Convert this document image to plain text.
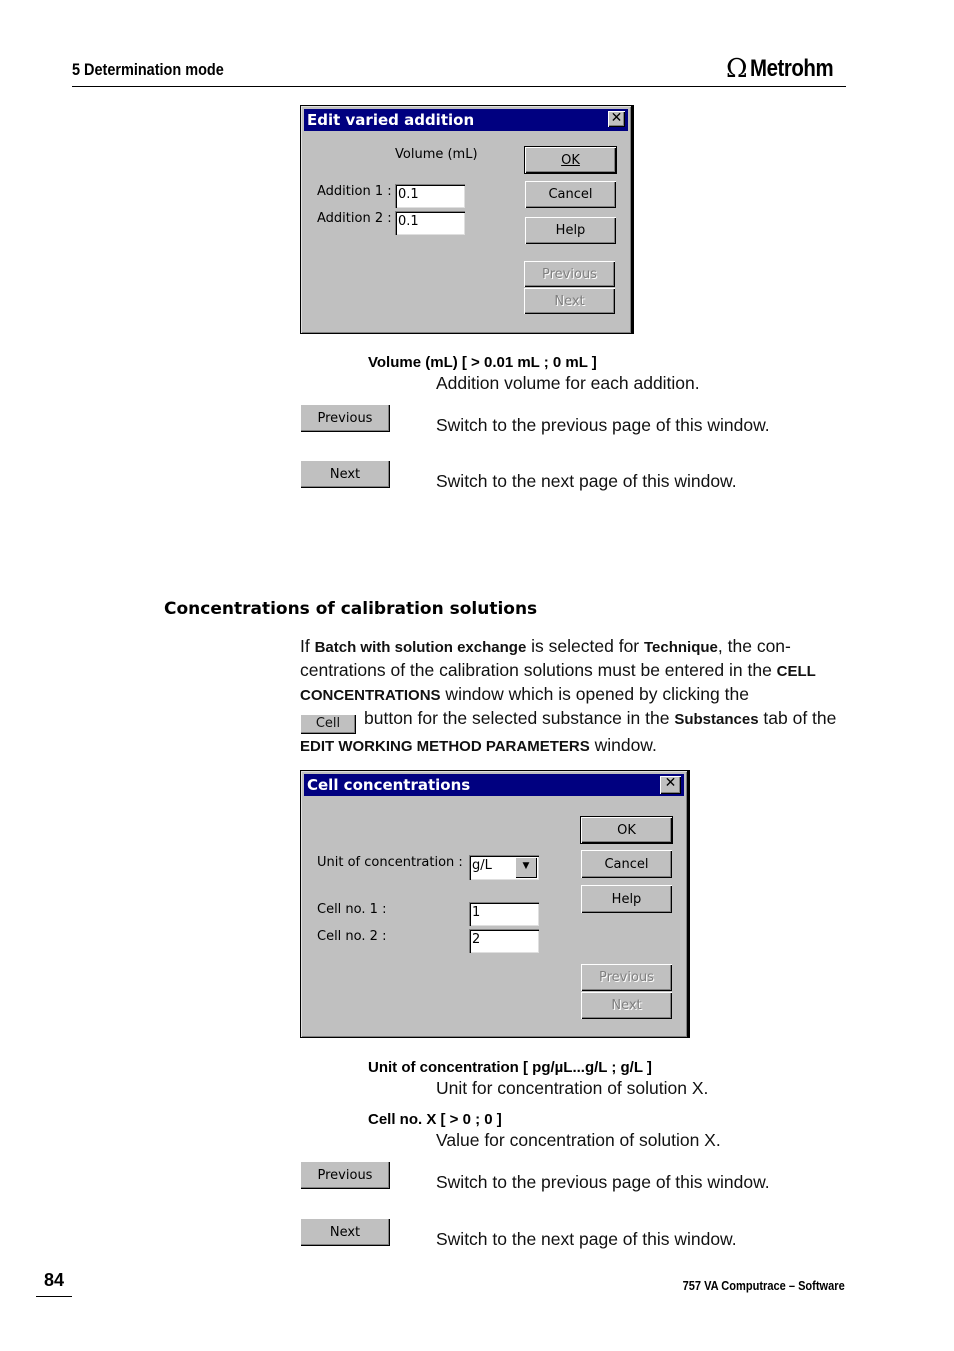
5 Determination mode	Ω Metrohm
Edit varied addition	✕
Volume (mL)
Addition 1 : 0.1
Addition 2 : 0.1
OK
Cancel
Help
Previous
Next
Volume (mL) [ > 0.01 mL ; 0 mL ]
Addition volume for each addition.
Previous	Switch to the previous page of this window.
Next	Switch to the next page of this window.
Concentrations of calibration solutions
If Batch with solution exchange is selected for Technique, the con-centrations of the calibration solutions must be entered in the CELL CONCENTRATIONS window which is opened by clicking the
Cell button for the selected substance in the Substances tab of the EDIT WORKING METHOD PARAMETERS window.
Cell concentrations	✕
Unit of concentration : g/L	▼
Cell no. 1 :	1
Cell no. 2 :	2
OK
Cancel
Help
Previous
Next
Unit of concentration [ pg/µL...g/L ; g/L ]
Unit for concentration of solution X.
Cell no. X [ > 0 ; 0 ]
Value for concentration of solution X.
Previous	Switch to the previous page of this window.
Next	Switch to the next page of this window.
84	757 VA Computrace – Software
